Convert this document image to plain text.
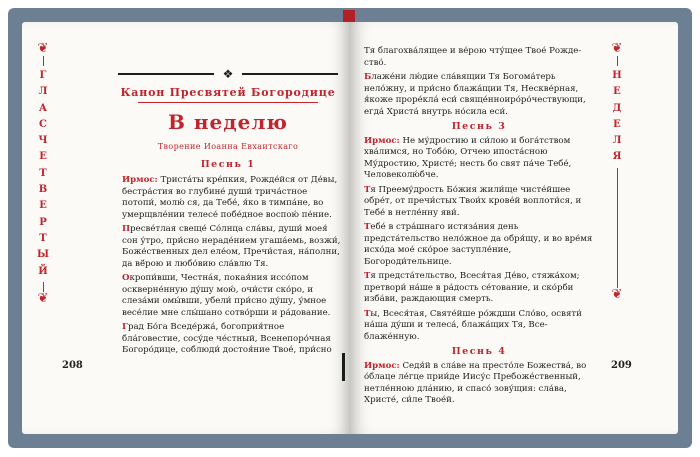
❦
Г
Л
А
С
Ч
Е
Т
В
Е
Р
Т
Ы
Й
❦
208
❖
Канон Пресвятей Богородице
В неделю
Творение Иоанна Евхаитскаго
Песнь 1

Ирмос: Триста́ты кре́пкия, Рожде́йся от Де́вы, бестра́стия во глубине́ души́ трича́стное потопи́, молю́ ся, да Тебе́, я́ко в тимпа́не, во умерщвле́нии телесе́ побе́дное воспою́ пе́ние.

Пресве́тлая свеще́ Со́лнца сла́вы, души́ моея́ сон у́тро, при́сно нераде́нием угаша́емь, возжи́, Боже́ственных дел еле́ом, Пречи́стая, на́полни, да вё́рою и любо́вию сла́влю Тя.

Окропи́вши, Честна́я, покая́ния иссо́пом оскверне́нную ду́шу мою́, очи́сти ско́ро, и слеза́ми омы́вши, убели́ при́сно ду́шу, у́мное весе́лие мне слы́шано сотво́рши и ра́дование.

Град Бо́га Вседе́ржа́, богоприя́тное бла́говестие, сосу́де че́стный, Всенепоро́чная Богоро́дице, соблюди́ достоя́ние Твое́, при́сно

❦
Н
Е
Д
Е
Л
Я
❦
209

Тя благохва́лящее и ве́рою чту́щее Твое́ Рожде-ство́.

Блаже́ни лю́дие сла́вящии Тя Богома́терь нело́жну, и при́сно блажа́щии Тя, Нескве́рная, я́коже проре́кла́ еси́ свяще́нноиро́ро́чествующи, егда́ Христа́ внутрь но́сила еси́.

Песнь 3

Ирмос: Не му́дростию и си́лою и бога́тством хва́лимся, но Тобо́ю, Отчею ипоста́сною Му́дростию, Христе́; несть бо свят па́че Тебе́, Человеколю́бче.

Тя Преему́дрость Бо́жия жили́ще чисте́йшее обре́т, от пречи́стых Твои́х крове́й воплоти́ся, и Тебе́ в нетле́нну яви́.

Тебе́ в стра́шнаго истяза́ния день предста́тельство нело́жное да обря́щу, и во вре́мя исхо́да мое́ ско́рое заступле́ние, Богороди́тельнице.

Тя предста́тельство, Всеся́тая Де́во, стяжа́хом; претвори́ на́ше в ра́дость се́тование, и ско́рби изба́ви, раждающия смерть.

Ты, Всеся́тая, Святе́йше ро́ждши Сло́во, освяти́ на́ша ду́ши и телеса́, блажа́щих Тя, Все-блаже́нную.

Песнь 4

Ирмос: Седя́й в сла́ве на престо́ле Божества́, во о́блаце ле́гце прии́де Иису́с Пребоже́ственный, нетле́нною дла́нию, и спасо́ зову́щия: сла́ва, Христе́, си́ле Твое́й.
